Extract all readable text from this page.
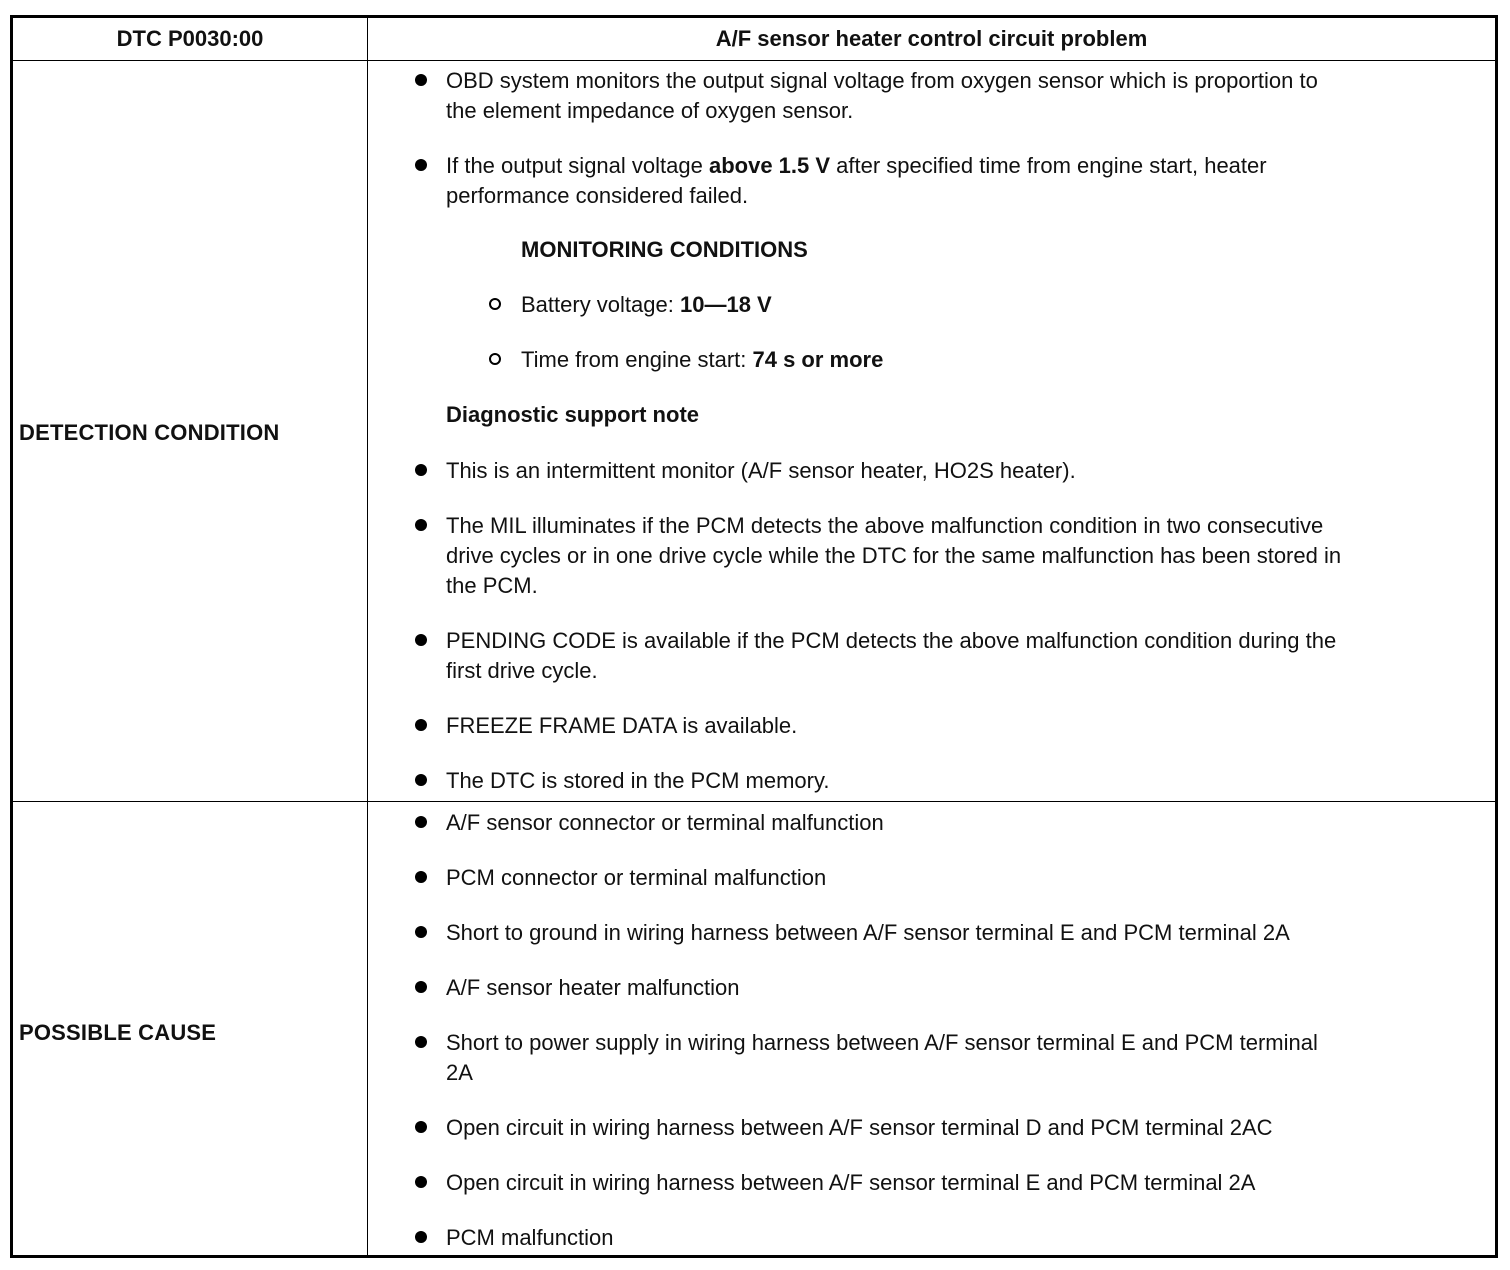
DTC P0030:00	A/F sensor heater control circuit problem
DETECTION CONDITION
POSSIBLE CAUSE
OBD system monitors the output signal voltage from oxygen sensor which is proportion to
the element impedance of oxygen sensor.
If the output signal voltage above 1.5 V after specified time from engine start, heater
performance considered failed.
MONITORING CONDITIONS
Battery voltage: 10—18 V
Time from engine start: 74 s or more
Diagnostic support note
This is an intermittent monitor (A/F sensor heater, HO2S heater).
The MIL illuminates if the PCM detects the above malfunction condition in two consecutive
drive cycles or in one drive cycle while the DTC for the same malfunction has been stored in
the PCM.
PENDING CODE is available if the PCM detects the above malfunction condition during the
first drive cycle.
FREEZE FRAME DATA is available.
The DTC is stored in the PCM memory.
A/F sensor connector or terminal malfunction
PCM connector or terminal malfunction
Short to ground in wiring harness between A/F sensor terminal E and PCM terminal 2A
A/F sensor heater malfunction
Short to power supply in wiring harness between A/F sensor terminal E and PCM terminal
2A
Open circuit in wiring harness between A/F sensor terminal D and PCM terminal 2AC
Open circuit in wiring harness between A/F sensor terminal E and PCM terminal 2A
PCM malfunction
